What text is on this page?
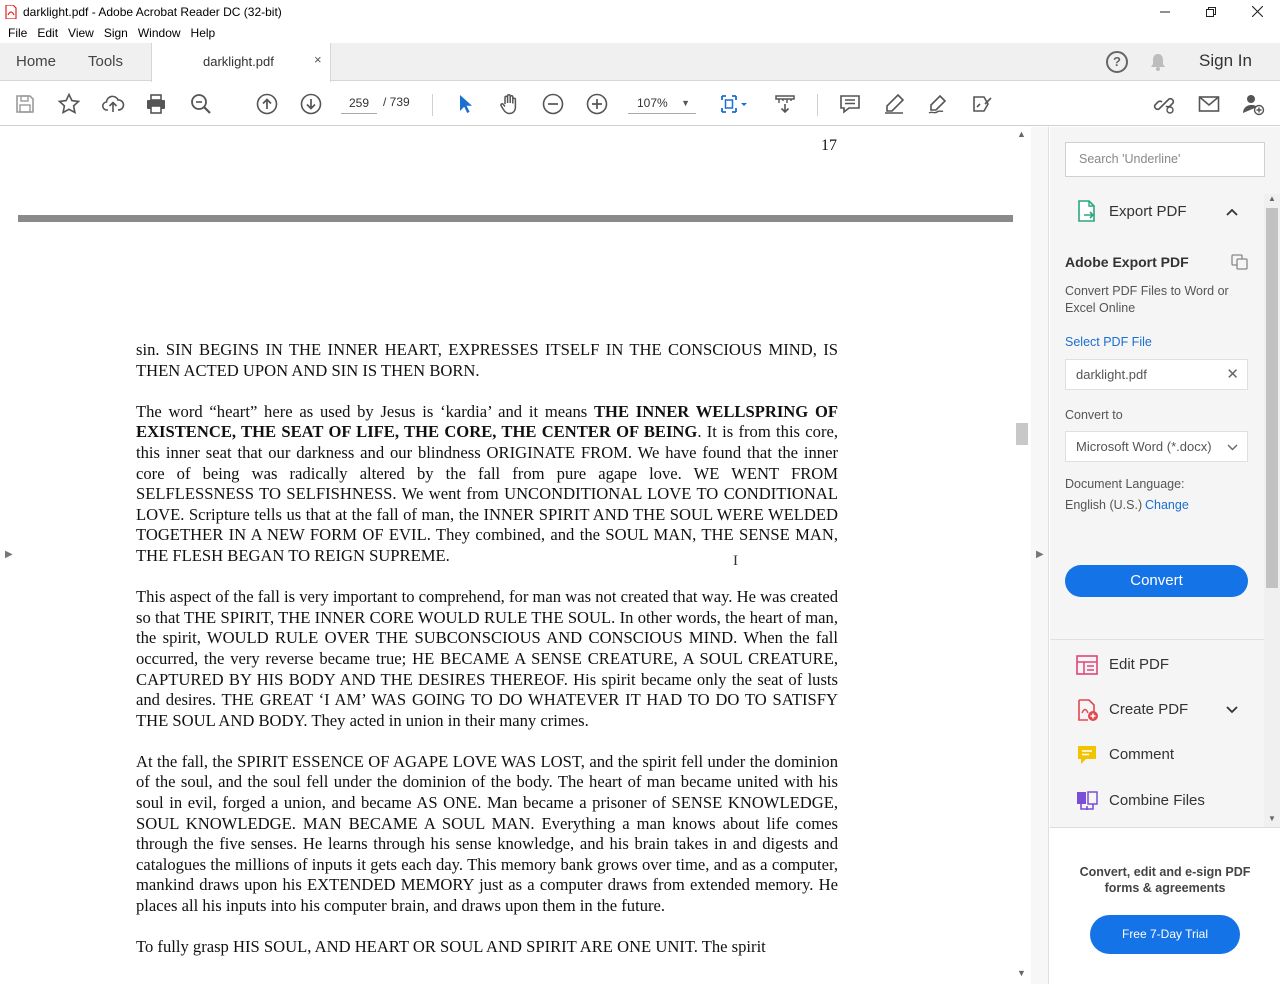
darklight.pdf - Adobe Acrobat Reader DC (32-bit)
File Edit View Sign Window Help
Home Tools	darklight.pdf	×	?	Sign In
259	/ 739	107% ▼
▶
17

sin. SIN BEGINS IN THE INNER HEART, EXPRESSES ITSELF IN THE CONSCIOUS MIND, IS THEN ACTED UPON AND SIN IS THEN BORN.

The word “heart” here as used by Jesus is ‘kardia’ and it means THE INNER WELLSPRING OF EXISTENCE, THE SEAT OF LIFE, THE CORE, THE CENTER OF BEING. It is from this core, this inner seat that our darkness and our blindness ORIGINATE FROM. We have found that the inner core of being was radically altered by the fall from pure agape love. WE WENT FROM SELFLESSNESS TO SELFISHNESS. We went from UNCONDITIONAL LOVE TO CONDITIONAL LOVE. Scripture tells us that at the fall of man, the INNER SPIRIT AND THE SOUL WERE WELDED TOGETHER IN A NEW FORM OF EVIL. They combined, and the SOUL MAN, THE SENSE MAN, THE FLESH BEGAN TO REIGN SUPREME.

This aspect of the fall is very important to comprehend, for man was not created that way. He was created so that THE SPIRIT, THE INNER CORE WOULD RULE THE SOUL. In other words, the heart of man, the spirit, WOULD RULE OVER THE SUBCONSCIOUS AND CONSCIOUS MIND. When the fall occurred, the very reverse became true; HE BECAME A SENSE CREATURE, A SOUL CREATURE, CAPTURED BY HIS BODY AND THE DESIRES THEREOF. His spirit became only the seat of lusts and desires. THE GREAT ‘I AM’ WAS GOING TO DO WHATEVER IT HAD TO DO TO SATISFY THE SOUL AND BODY. They acted in union in their many crimes.

At the fall, the SPIRIT ESSENCE OF AGAPE LOVE WAS LOST, and the spirit fell under the dominion of the soul, and the soul fell under the dominion of the body. The heart of man became united with his soul in evil, forged a union, and became AS ONE. Man became a prisoner of SENSE KNOWLEDGE, SOUL KNOWLEDGE. MAN BECAME A SOUL MAN. Everything a man knows about life comes through the five senses. He learns through his sense knowledge, and his brain takes in and digests and catalogues the millions of inputs it gets each day. This memory bank grows over time, and as a computer, mankind draws upon his EXTENDED MEMORY just as a computer draws from extended memory. He places all his inputs into his computer brain, and draws upon them in the future.

To fully grasp HIS SOUL, AND HEART OR SOUL AND SPIRIT ARE ONE UNIT. The spirit

I
▲
▼
▶
Search 'Underline'
Export PDF
▲
▼
Adobe Export PDF
Convert PDF Files to Word or Excel Online
Select PDF File
darklight.pdf	✕
Convert to
Microsoft Word (*.docx)
Document Language:
English (U.S.) Change
Convert
Edit PDF
Create PDF
Comment
Combine Files
Convert, edit and e-sign PDF forms & agreements
Free 7-Day Trial
